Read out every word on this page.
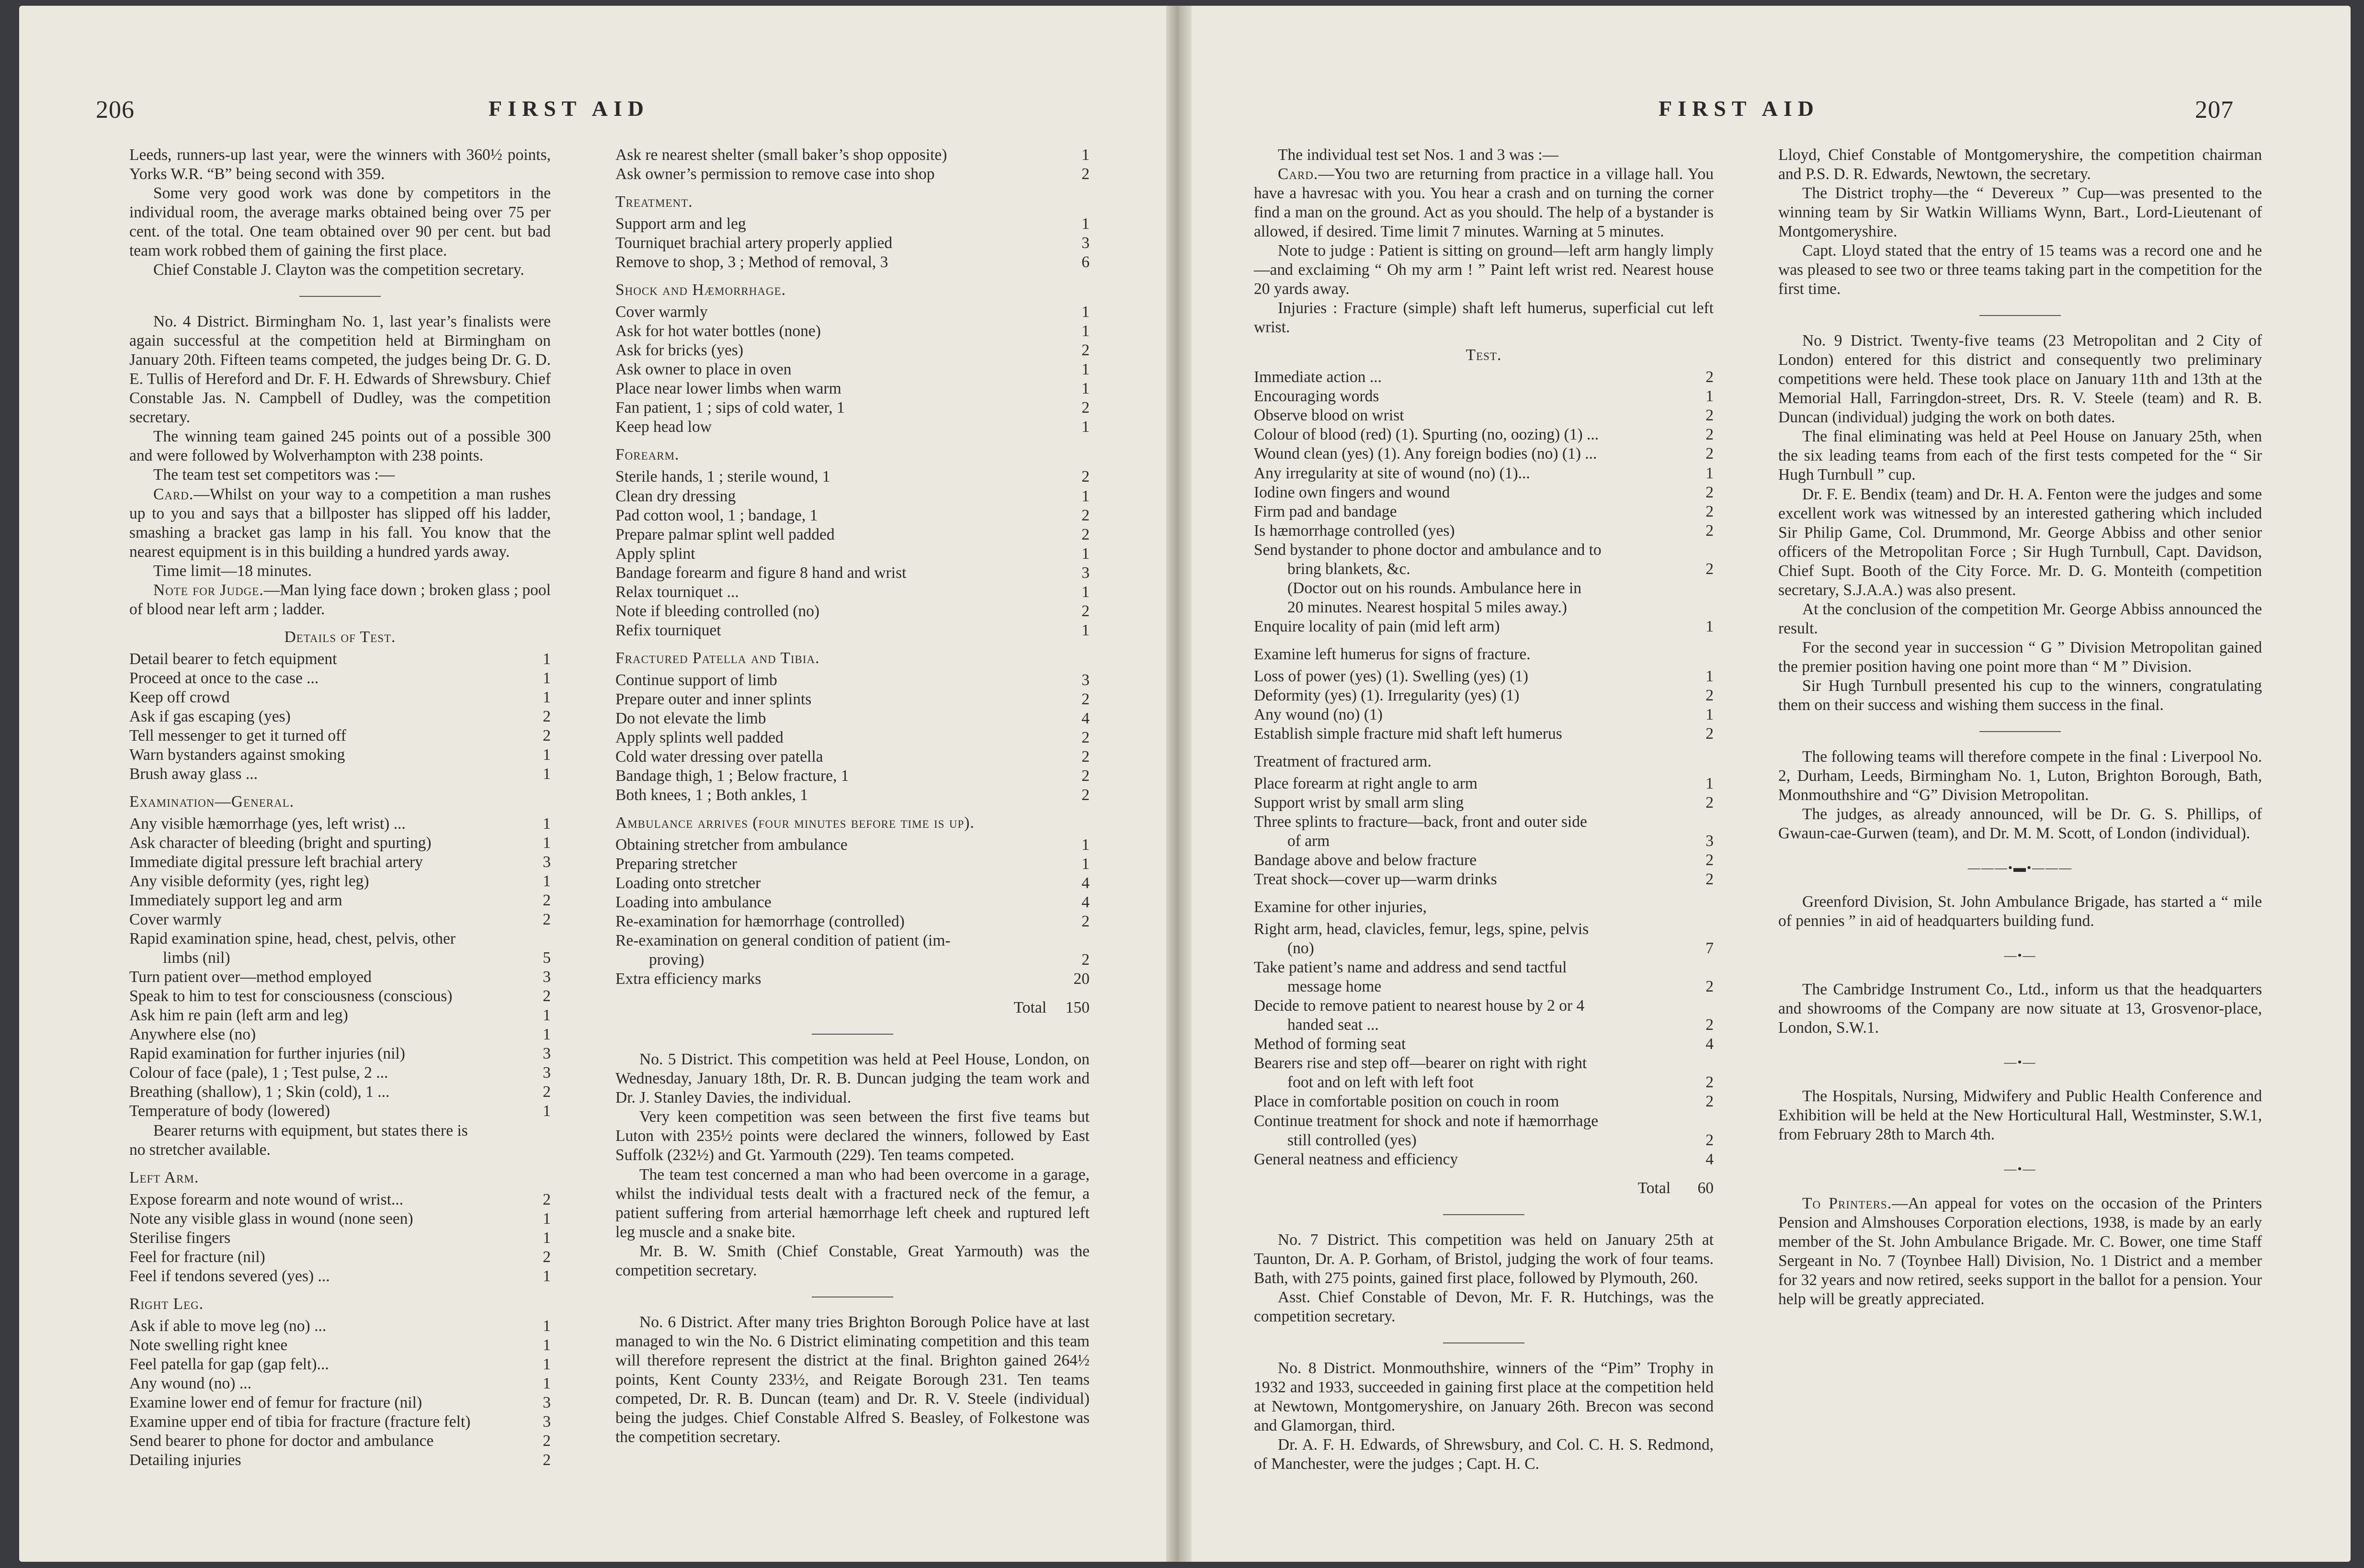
206	FIRST AID

Leeds, runners-up last year, were the winners with 360½ points, Yorks W.R. “B” being second with 359.

Some very good work was done by competitors in the individual room, the average marks obtained being over 75 per cent. of the total. One team obtained over 90 per cent. but bad team work robbed them of gaining the first place.

Chief Constable J. Clayton was the competition secretary.

No. 4 District. Birmingham No. 1, last year’s finalists were again successful at the competition held at Birmingham on January 20th. Fifteen teams competed, the judges being Dr. G. D. E. Tullis of Hereford and Dr. F. H. Edwards of Shrewsbury. Chief Constable Jas. N. Campbell of Dudley, was the competition secretary.

The winning team gained 245 points out of a possible 300 and were followed by Wolverhampton with 238 points.

The team test set competitors was :—

Card.—Whilst on your way to a competition a man rushes up to you and says that a billposter has slipped off his ladder, smashing a bracket gas lamp in his fall. You know that the nearest equipment is in this building a hundred yards away.

Time limit—18 minutes.

Note for Judge.—Man lying face down ; broken glass ; pool of blood near left arm ; ladder.

Details of Test.
Detail bearer to fetch equipment	1
Proceed at once to the case ...	1
Keep off crowd	1
Ask if gas escaping (yes)	2
Tell messenger to get it turned off	2
Warn bystanders against smoking	1
Brush away glass ...	1
Examination—General.
Any visible hæmorrhage (yes, left wrist) ...	1
Ask character of bleeding (bright and spurting)	1
Immediate digital pressure left brachial artery	3
Any visible deformity (yes, right leg)	1
Immediately support leg and arm	2
Cover warmly	2
Rapid examination spine, head, chest, pelvis, other
limbs (nil)	5
Turn patient over—method employed	3
Speak to him to test for consciousness (conscious)	2
Ask him re pain (left arm and leg)	1
Anywhere else (no)	1
Rapid examination for further injuries (nil)	3
Colour of face (pale), 1 ; Test pulse, 2 ...	3
Breathing (shallow), 1 ; Skin (cold), 1 ...	2
Temperature of body (lowered)	1

Bearer returns with equipment, but states there is

no stretcher available.

Left Arm.
Expose forearm and note wound of wrist...	2
Note any visible glass in wound (none seen)	1
Sterilise fingers	1
Feel for fracture (nil)	2
Feel if tendons severed (yes) ...	1
Right Leg.
Ask if able to move leg (no) ...	1
Note swelling right knee	1
Feel patella for gap (gap felt)...	1
Any wound (no) ...	1
Examine lower end of femur for fracture (nil)	3
Examine upper end of tibia for fracture (fracture felt)	3
Send bearer to phone for doctor and ambulance	2
Detailing injuries	2
Ask re nearest shelter (small baker’s shop opposite)	1
Ask owner’s permission to remove case into shop	2
Treatment.
Support arm and leg	1
Tourniquet brachial artery properly applied	3
Remove to shop, 3 ; Method of removal, 3	6
Shock and Hæmorrhage.
Cover warmly	1
Ask for hot water bottles (none)	1
Ask for bricks (yes)	2
Ask owner to place in oven	1
Place near lower limbs when warm	1
Fan patient, 1 ; sips of cold water, 1	2
Keep head low	1
Forearm.
Sterile hands, 1 ; sterile wound, 1	2
Clean dry dressing	1
Pad cotton wool, 1 ; bandage, 1	2
Prepare palmar splint well padded	2
Apply splint	1
Bandage forearm and figure 8 hand and wrist	3
Relax tourniquet ...	1
Note if bleeding controlled (no)	2
Refix tourniquet	1
Fractured Patella and Tibia.
Continue support of limb	3
Prepare outer and inner splints	2
Do not elevate the limb	4
Apply splints well padded	2
Cold water dressing over patella	2
Bandage thigh, 1 ; Below fracture, 1	2
Both knees, 1 ; Both ankles, 1	2
Ambulance arrives (four minutes before time is up).
Obtaining stretcher from ambulance	1
Preparing stretcher	1
Loading onto stretcher	4
Loading into ambulance	4
Re-examination for hæmorrhage (controlled)	2
Re-examination on general condition of patient (im-
proving)	2
Extra efficiency marks	20
Total	150

No. 5 District. This competition was held at Peel House, London, on Wednesday, January 18th, Dr. R. B. Duncan judging the team work and Dr. J. Stanley Davies, the individual.

Very keen competition was seen between the first five teams but Luton with 235½ points were declared the winners, followed by East Suffolk (232½) and Gt. Yarmouth (229). Ten teams competed.

The team test concerned a man who had been overcome in a garage, whilst the individual tests dealt with a fractured neck of the femur, a patient suffering from arterial hæmorrhage left cheek and ruptured left leg muscle and a snake bite.

Mr. B. W. Smith (Chief Constable, Great Yarmouth) was the competition secretary.

No. 6 District. After many tries Brighton Borough Police have at last managed to win the No. 6 District eliminating competition and this team will therefore represent the district at the final. Brighton gained 264½ points, Kent County 233½, and Reigate Borough 231. Ten teams competed, Dr. R. B. Duncan (team) and Dr. R. V. Steele (individual) being the judges. Chief Constable Alfred S. Beasley, of Folkestone was the competition secretary.

FIRST AID	207

The individual test set Nos. 1 and 3 was :—

Card.—You two are returning from practice in a village hall. You have a havresac with you. You hear a crash and on turning the corner find a man on the ground. Act as you should. The help of a bystander is allowed, if desired. Time limit 7 minutes. Warning at 5 minutes.

Note to judge : Patient is sitting on ground—left arm hangly limply—and exclaiming “ Oh my arm ! ” Paint left wrist red. Nearest house 20 yards away.

Injuries : Fracture (simple) shaft left humerus, superficial cut left wrist.

Test.
Immediate action ...	2
Encouraging words	1
Observe blood on wrist	2
Colour of blood (red) (1). Spurting (no, oozing) (1) ...	2
Wound clean (yes) (1). Any foreign bodies (no) (1) ...	2
Any irregularity at site of wound (no) (1)...	1
Iodine own fingers and wound	2
Firm pad and bandage	2
Is hæmorrhage controlled (yes)	2
Send bystander to phone doctor and ambulance and to
bring blankets, &c.	2
(Doctor out on his rounds. Ambulance here in
20 minutes. Nearest hospital 5 miles away.)
Enquire locality of pain (mid left arm)	1
Examine left humerus for signs of fracture.
Loss of power (yes) (1). Swelling (yes) (1)	1
Deformity (yes) (1). Irregularity (yes) (1)	2
Any wound (no) (1)	1
Establish simple fracture mid shaft left humerus	2
Treatment of fractured arm.
Place forearm at right angle to arm	1
Support wrist by small arm sling	2
Three splints to fracture—back, front and outer side
of arm	3
Bandage above and below fracture	2
Treat shock—cover up—warm drinks	2
Examine for other injuries,
Right arm, head, clavicles, femur, legs, spine, pelvis
(no)	7
Take patient’s name and address and send tactful
message home	2
Decide to remove patient to nearest house by 2 or 4
handed seat ...	2
Method of forming seat	4
Bearers rise and step off—bearer on right with right
foot and on left with left foot	2
Place in comfortable position on couch in room	2
Continue treatment for shock and note if hæmorrhage
still controlled (yes)	2
General neatness and efficiency	4
Total	60

No. 7 District. This competition was held on January 25th at Taunton, Dr. A. P. Gorham, of Bristol, judging the work of four teams. Bath, with 275 points, gained first place, followed by Plymouth, 260.

Asst. Chief Constable of Devon, Mr. F. R. Hutchings, was the competition secretary.

No. 8 District. Monmouthshire, winners of the “Pim” Trophy in 1932 and 1933, succeeded in gaining first place at the competition held at Newtown, Montgomeryshire, on January 26th. Brecon was second and Glamorgan, third.

Dr. A. F. H. Edwards, of Shrewsbury, and Col. C. H. S. Redmond, of Manchester, were the judges ; Capt. H. C.

Lloyd, Chief Constable of Montgomeryshire, the competition chairman and P.S. D. R. Edwards, Newtown, the secretary.

The District trophy—the “ Devereux ” Cup—was presented to the winning team by Sir Watkin Williams Wynn, Bart., Lord-Lieutenant of Montgomeryshire.

Capt. Lloyd stated that the entry of 15 teams was a record one and he was pleased to see two or three teams taking part in the competition for the first time.

No. 9 District. Twenty-five teams (23 Metropolitan and 2 City of London) entered for this district and consequently two preliminary competitions were held. These took place on January 11th and 13th at the Memorial Hall, Farringdon-street, Drs. R. V. Steele (team) and R. B. Duncan (individual) judging the work on both dates.

The final eliminating was held at Peel House on January 25th, when the six leading teams from each of the first tests competed for the “ Sir Hugh Turnbull ” cup.

Dr. F. E. Bendix (team) and Dr. H. A. Fenton were the judges and some excellent work was witnessed by an interested gathering which included Sir Philip Game, Col. Drummond, Mr. George Abbiss and other senior officers of the Metropolitan Force ; Sir Hugh Turnbull, Capt. Davidson, Chief Supt. Booth of the City Force. Mr. D. G. Monteith (competition secretary, S.J.A.A.) was also present.

At the conclusion of the competition Mr. George Abbiss announced the result.

For the second year in succession “ G ” Division Metropolitan gained the premier position having one point more than “ M ” Division.

Sir Hugh Turnbull presented his cup to the winners, congratulating them on their success and wishing them success in the final.

The following teams will therefore compete in the final : Liverpool No. 2, Durham, Leeds, Birmingham No. 1, Luton, Brighton Borough, Bath, Monmouthshire and “G” Division Metropolitan.

The judges, as already announced, will be Dr. G. S. Phillips, of Gwaun-cae-Gurwen (team), and Dr. M. M. Scott, of London (individual).

———•▬•———

Greenford Division, St. John Ambulance Brigade, has started a “ mile of pennies ” in aid of headquarters building fund.

—•—

The Cambridge Instrument Co., Ltd., inform us that the headquarters and showrooms of the Company are now situate at 13, Grosvenor-place, London, S.W.1.

—•—

The Hospitals, Nursing, Midwifery and Public Health Conference and Exhibition will be held at the New Horticultural Hall, Westminster, S.W.1, from February 28th to March 4th.

—•—

To Printers.—An appeal for votes on the occasion of the Printers Pension and Almshouses Corporation elections, 1938, is made by an early member of the St. John Ambulance Brigade. Mr. C. Bower, one time Staff Sergeant in No. 7 (Toynbee Hall) Division, No. 1 District and a member for 32 years and now retired, seeks support in the ballot for a pension. Your help will be greatly appreciated.
